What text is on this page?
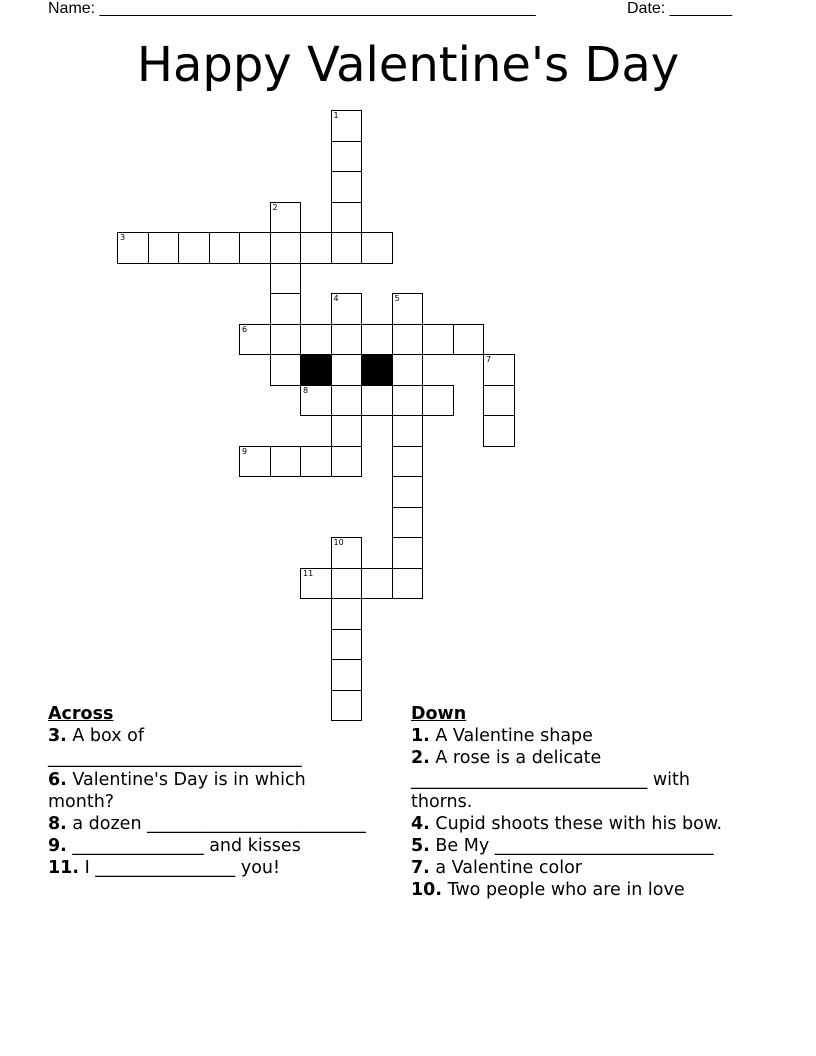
Name: _________________________________________________	Date: _______
Happy Valentine's Day
1
2
3
4	5
6
7
8
9
10
11
Across
3. A box of _____________________________
6. Valentine's Day is in which month?
8. a dozen _________________________
9. _______________ and kisses
11. I ________________ you!
Down
1. A Valentine shape
2. A rose is a delicate ___________________________ with thorns.
4. Cupid shoots these with his bow.
5. Be My _________________________
7. a Valentine color
10. Two people who are in love
